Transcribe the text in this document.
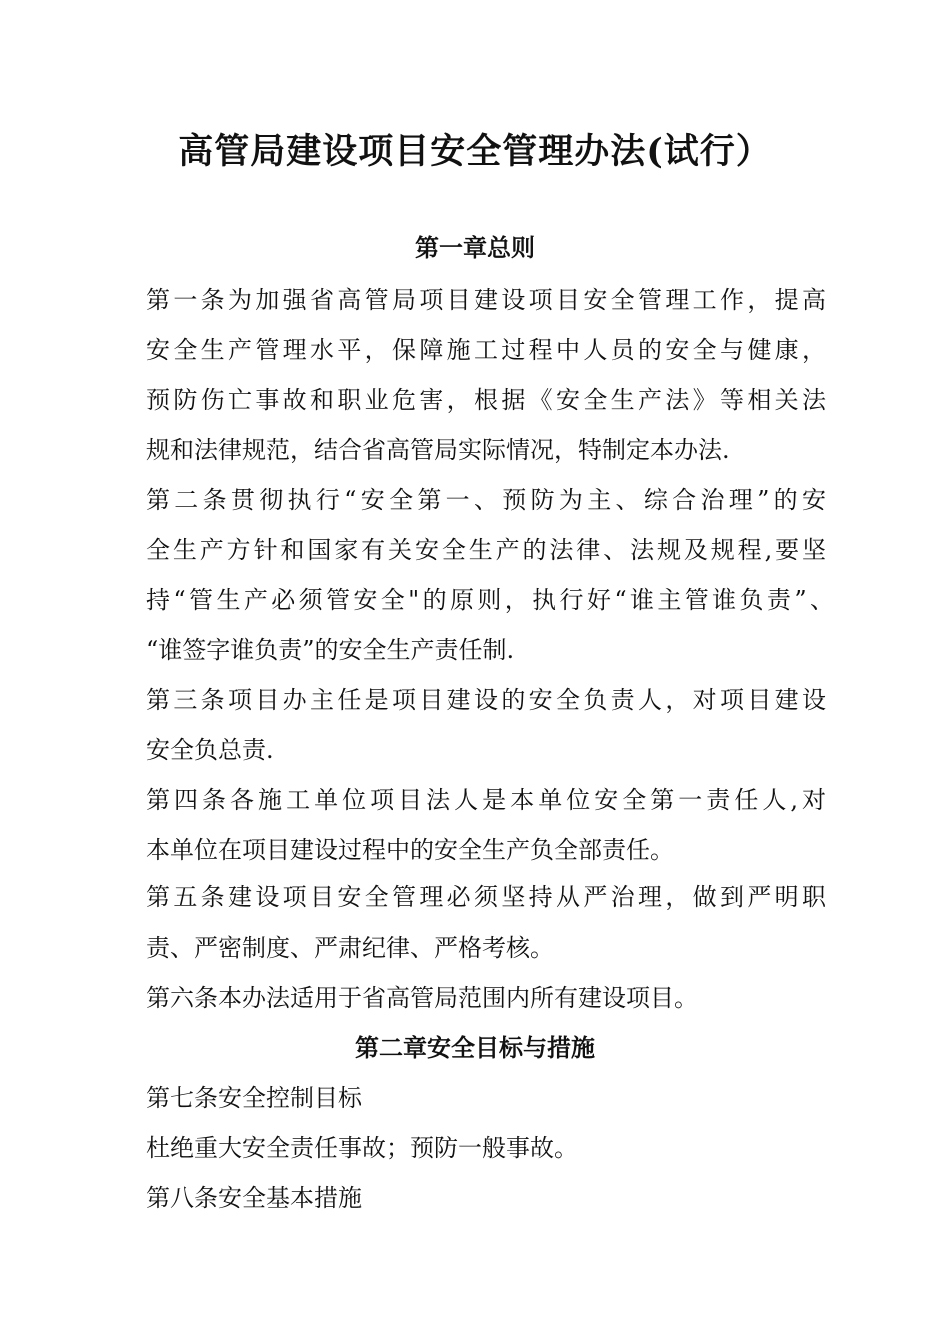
高管局建设项目安全管理办法(试行）
第一章总则
第一条为加强省高管局项目建设项目安全管理工作，提高
安全生产管理水平，保障施工过程中人员的安全与健康，
预防伤亡事故和职业危害，根据《安全生产法》等相关法
规和法律规范，结合省高管局实际情况，特制定本办法.
第二条贯彻执行“安全第一、预防为主、综合治理”的安
全生产方针和国家有关安全生产的法律、法规及规程,要坚
持“管生产必须管安全"的原则，执行好“谁主管谁负责”、
“谁签字谁负责”的安全生产责任制.
第三条项目办主任是项目建设的安全负责人，对项目建设
安全负总责.
第四条各施工单位项目法人是本单位安全第一责任人,对
本单位在项目建设过程中的安全生产负全部责任。
第五条建设项目安全管理必须坚持从严治理，做到严明职
责、严密制度、严肃纪律、严格考核。
第六条本办法适用于省高管局范围内所有建设项目。
第二章安全目标与措施
第七条安全控制目标
杜绝重大安全责任事故；预防一般事故。
第八条安全基本措施
